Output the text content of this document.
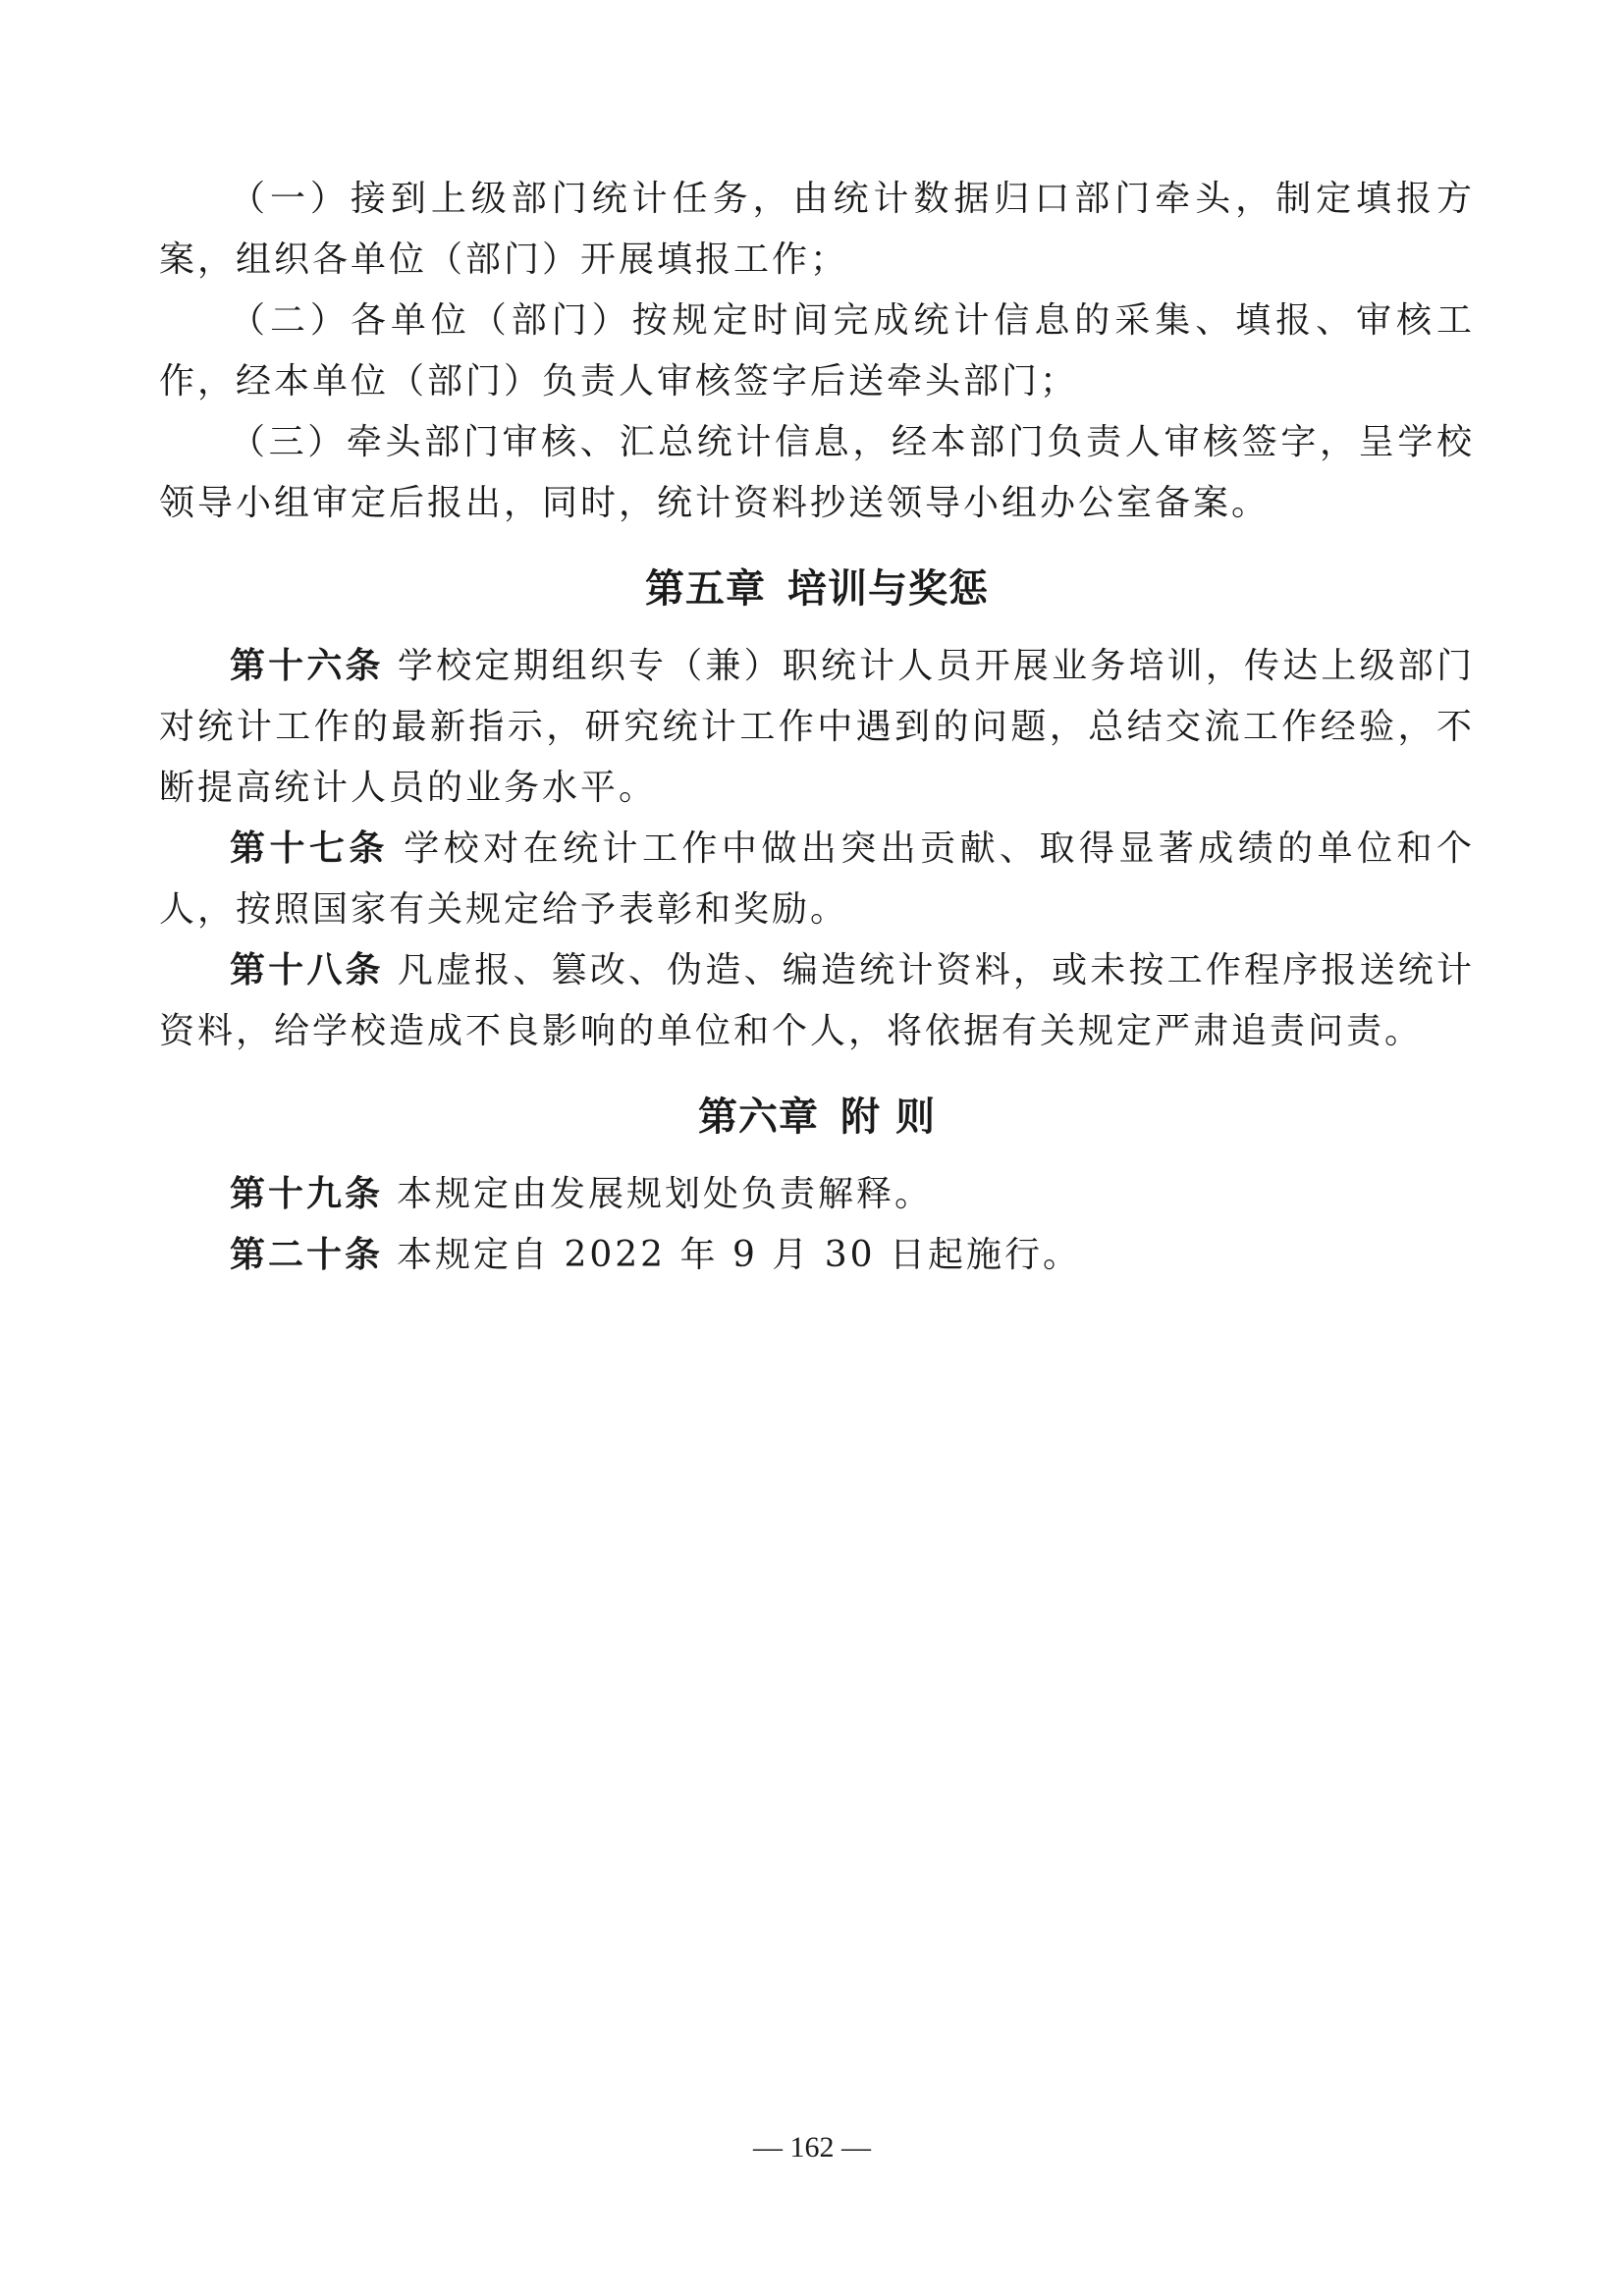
（一）接到上级部门统计任务，由统计数据归口部门牵头，制定填报方案，组织各单位（部门）开展填报工作；

（二）各单位（部门）按规定时间完成统计信息的采集、填报、审核工作，经本单位（部门）负责人审核签字后送牵头部门；

（三）牵头部门审核、汇总统计信息，经本部门负责人审核签字，呈学校领导小组审定后报出，同时，统计资料抄送领导小组办公室备案。

第五章 培训与奖惩

第十六条 学校定期组织专（兼）职统计人员开展业务培训，传达上级部门对统计工作的最新指示，研究统计工作中遇到的问题，总结交流工作经验，不断提高统计人员的业务水平。

第十七条 学校对在统计工作中做出突出贡献、取得显著成绩的单位和个人，按照国家有关规定给予表彰和奖励。

第十八条 凡虚报、篡改、伪造、编造统计资料，或未按工作程序报送统计资料，给学校造成不良影响的单位和个人，将依据有关规定严肃追责问责。

第六章 附 则

第十九条 本规定由发展规划处负责解释。

第二十条 本规定自 2022 年 9 月 30 日起施行。

— 162 —
